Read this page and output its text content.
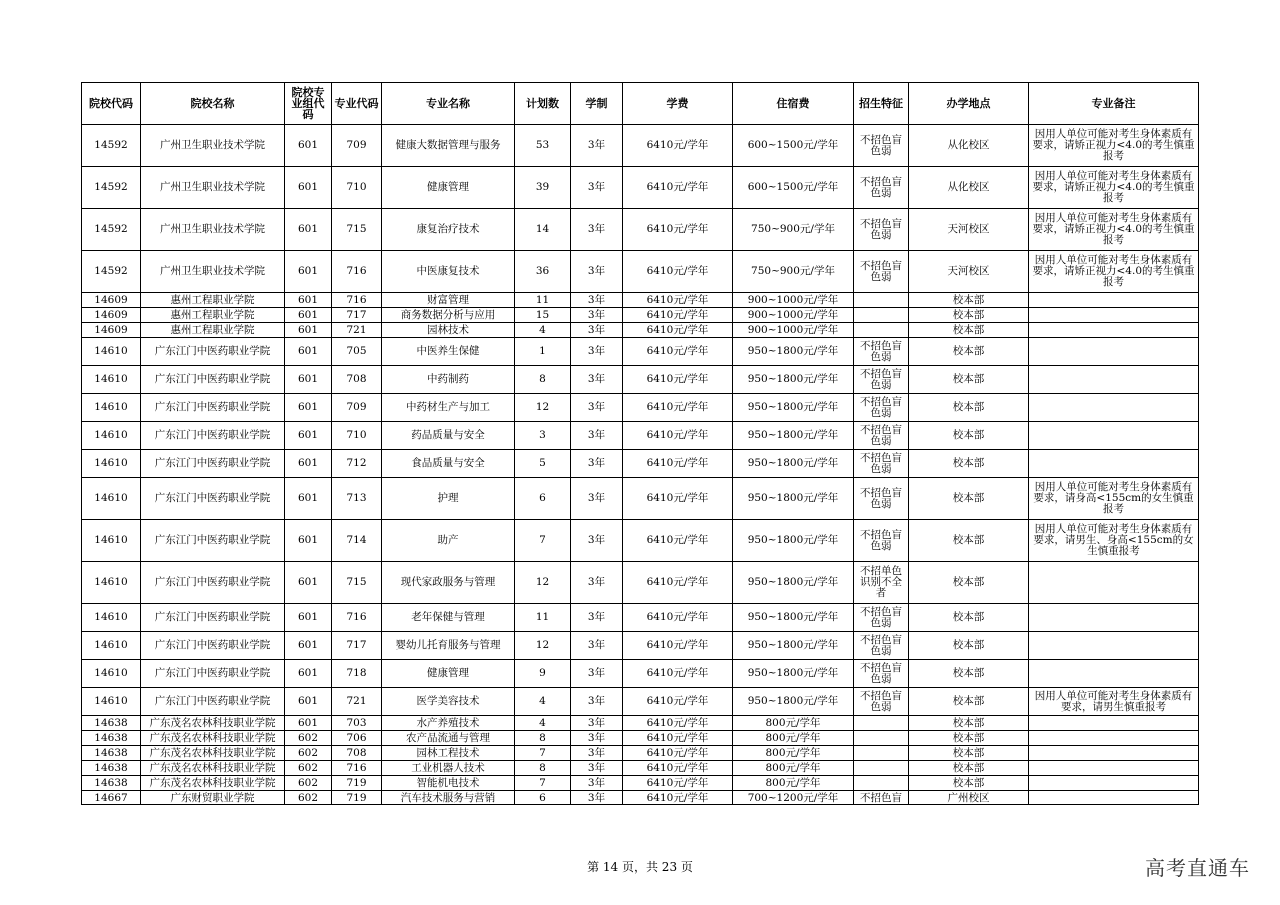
院校代码	院校名称	院校专业组代码	专业代码	专业名称	计划数	学制	学费	住宿费	招生特征	办学地点	专业备注
14592	广州卫生职业技术学院	601	709	健康大数据管理与服务	53	3年	6410元/学年	600~1500元/学年	不招色盲色弱	从化校区	因用人单位可能对考生身体素质有要求，请矫正视力<4.0的考生慎重报考
14592	广州卫生职业技术学院	601	710	健康管理	39	3年	6410元/学年	600~1500元/学年	不招色盲色弱	从化校区	因用人单位可能对考生身体素质有要求，请矫正视力<4.0的考生慎重报考
14592	广州卫生职业技术学院	601	715	康复治疗技术	14	3年	6410元/学年	750~900元/学年	不招色盲色弱	天河校区	因用人单位可能对考生身体素质有要求，请矫正视力<4.0的考生慎重报考
14592	广州卫生职业技术学院	601	716	中医康复技术	36	3年	6410元/学年	750~900元/学年	不招色盲色弱	天河校区	因用人单位可能对考生身体素质有要求，请矫正视力<4.0的考生慎重报考
14609	惠州工程职业学院	601	716	财富管理	11	3年	6410元/学年	900~1000元/学年		校本部	
14609	惠州工程职业学院	601	717	商务数据分析与应用	15	3年	6410元/学年	900~1000元/学年		校本部	
14609	惠州工程职业学院	601	721	园林技术	4	3年	6410元/学年	900~1000元/学年		校本部	
14610	广东江门中医药职业学院	601	705	中医养生保健	1	3年	6410元/学年	950~1800元/学年	不招色盲色弱	校本部	
14610	广东江门中医药职业学院	601	708	中药制药	8	3年	6410元/学年	950~1800元/学年	不招色盲色弱	校本部	
14610	广东江门中医药职业学院	601	709	中药材生产与加工	12	3年	6410元/学年	950~1800元/学年	不招色盲色弱	校本部	
14610	广东江门中医药职业学院	601	710	药品质量与安全	3	3年	6410元/学年	950~1800元/学年	不招色盲色弱	校本部	
14610	广东江门中医药职业学院	601	712	食品质量与安全	5	3年	6410元/学年	950~1800元/学年	不招色盲色弱	校本部	
14610	广东江门中医药职业学院	601	713	护理	6	3年	6410元/学年	950~1800元/学年	不招色盲色弱	校本部	因用人单位可能对考生身体素质有要求，请身高<155cm的女生慎重报考
14610	广东江门中医药职业学院	601	714	助产	7	3年	6410元/学年	950~1800元/学年	不招色盲色弱	校本部	因用人单位可能对考生身体素质有要求，请男生、身高<155cm的女生慎重报考
14610	广东江门中医药职业学院	601	715	现代家政服务与管理	12	3年	6410元/学年	950~1800元/学年	不招单色识别不全者	校本部	
14610	广东江门中医药职业学院	601	716	老年保健与管理	11	3年	6410元/学年	950~1800元/学年	不招色盲色弱	校本部	
14610	广东江门中医药职业学院	601	717	婴幼儿托育服务与管理	12	3年	6410元/学年	950~1800元/学年	不招色盲色弱	校本部	
14610	广东江门中医药职业学院	601	718	健康管理	9	3年	6410元/学年	950~1800元/学年	不招色盲色弱	校本部	
14610	广东江门中医药职业学院	601	721	医学美容技术	4	3年	6410元/学年	950~1800元/学年	不招色盲色弱	校本部	因用人单位可能对考生身体素质有要求，请男生慎重报考
14638	广东茂名农林科技职业学院	601	703	水产养殖技术	4	3年	6410元/学年	800元/学年		校本部	
14638	广东茂名农林科技职业学院	602	706	农产品流通与管理	8	3年	6410元/学年	800元/学年		校本部	
14638	广东茂名农林科技职业学院	602	708	园林工程技术	7	3年	6410元/学年	800元/学年		校本部	
14638	广东茂名农林科技职业学院	602	716	工业机器人技术	8	3年	6410元/学年	800元/学年		校本部	
14638	广东茂名农林科技职业学院	602	719	智能机电技术	7	3年	6410元/学年	800元/学年		校本部	
14667	广东财贸职业学院	602	719	汽车技术服务与营销	6	3年	6410元/学年	700~1200元/学年	不招色盲	广州校区	
第 14 页，共 23 页	高考直通车
